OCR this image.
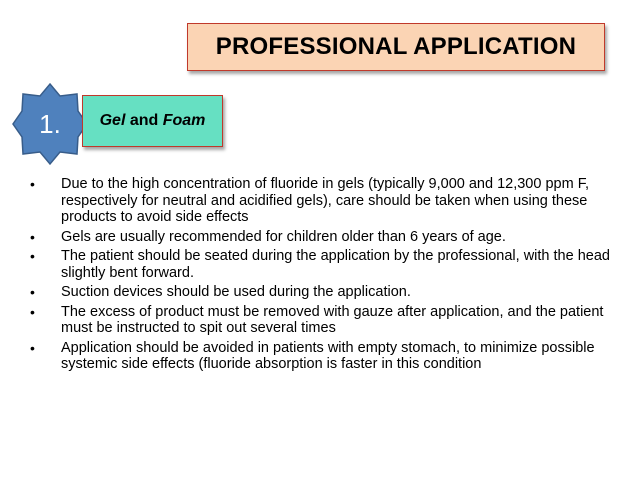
PROFESSIONAL APPLICATION
1.	Gel and Foam
• Due to the high concentration of fluoride in gels (typically 9,000 and 12,300 ppm F, respectively for neutral and acidified gels), care should be taken when using these products to avoid side effects
• Gels are usually recommended for children older than 6 years of age.
• The patient should be seated during the application by the professional, with the head slightly bent forward.
• Suction devices should be used during the application.
• The excess of product must be removed with gauze after application, and the patient must be instructed to spit out several times
• Application should be avoided in patients with empty stomach, to minimize possible systemic side effects (fluoride absorption is faster in this condition
